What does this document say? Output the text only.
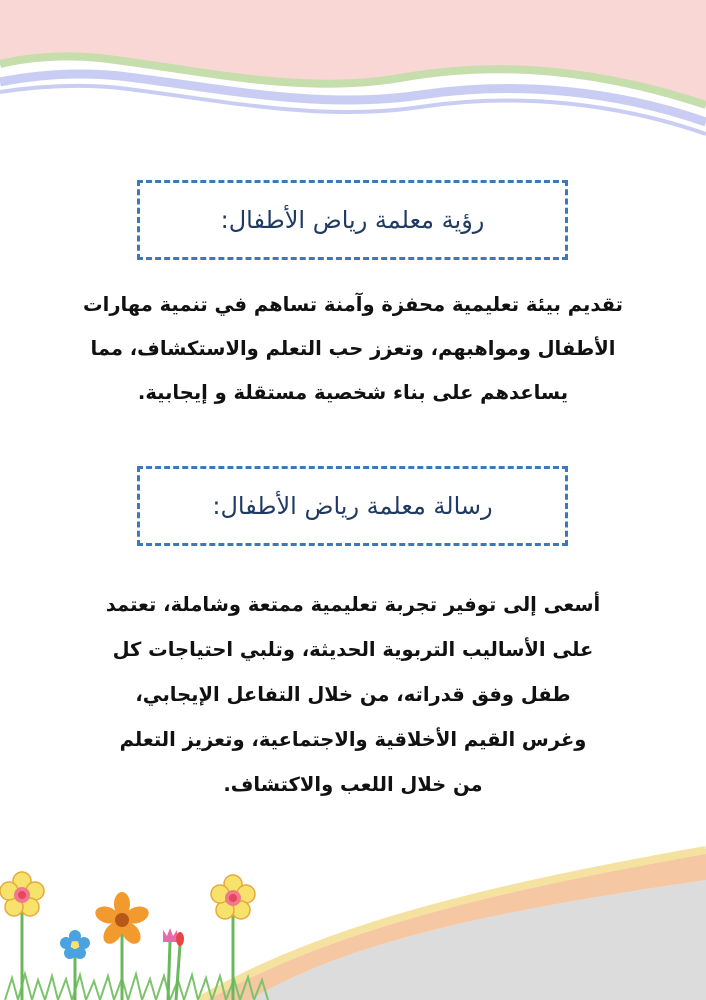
رؤية معلمة رياض الأطفال:
تقديم بيئة تعليمية محفزة وآمنة تساهم في تنمية مهارات
الأطفال ومواهبهم، وتعزز حب التعلم والاستكشاف، مما
يساعدهم على بناء شخصية مستقلة و إيجابية.
رسالة معلمة رياض الأطفال:
أسعى إلى توفير تجربة تعليمية ممتعة وشاملة، تعتمد
على الأساليب التربوية الحديثة، وتلبي احتياجات كل
طفل وفق قدراته، من خلال التفاعل الإيجابي،
وغرس القيم الأخلاقية والاجتماعية، وتعزيز التعلم
من خلال اللعب والاكتشاف.
